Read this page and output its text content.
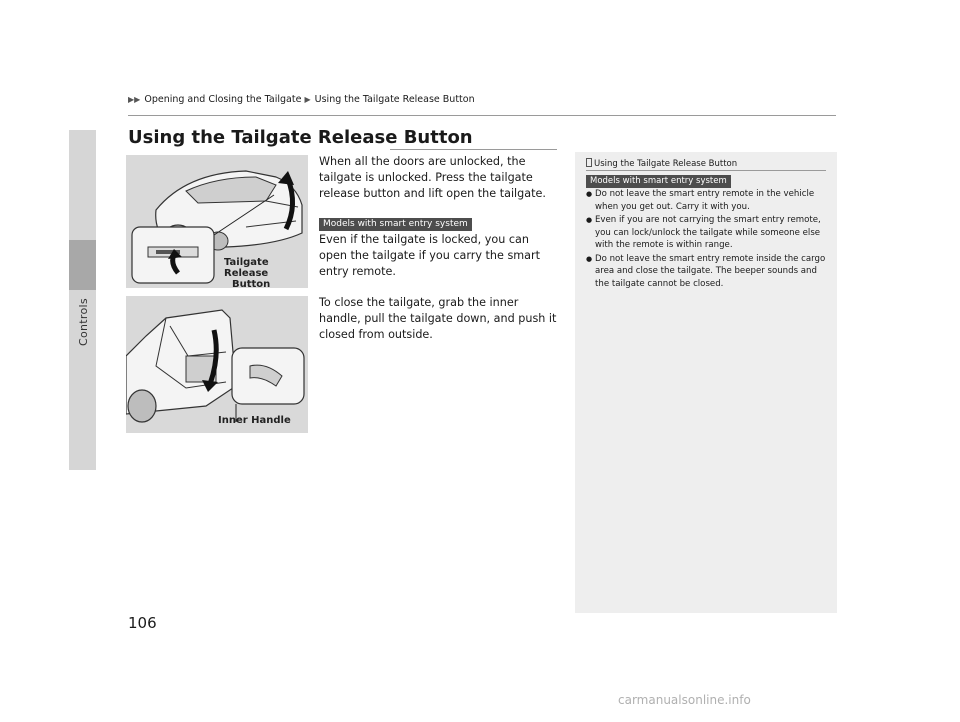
Controls
▶▶ Opening and Closing the Tailgate ▶ Using the Tailgate Release Button
Using the Tailgate Release Button
Tailgate Release
Button
Inner Handle
When all the doors are unlocked, the tailgate is unlocked. Press the tailgate release button and lift open the tailgate.
Models with smart entry system
Even if the tailgate is locked, you can open the tailgate if you carry the smart entry remote.
To close the tailgate, grab the inner handle, pull the tailgate down, and push it closed from outside.
Using the Tailgate Release Button
Models with smart entry system
● Do not leave the smart entry remote in the vehicle when you get out. Carry it with you.
● Even if you are not carrying the smart entry remote, you can lock/unlock the tailgate while someone else with the remote is within range.
● Do not leave the smart entry remote inside the cargo area and close the tailgate. The beeper sounds and the tailgate cannot be closed.
106
carmanualsonline.info
